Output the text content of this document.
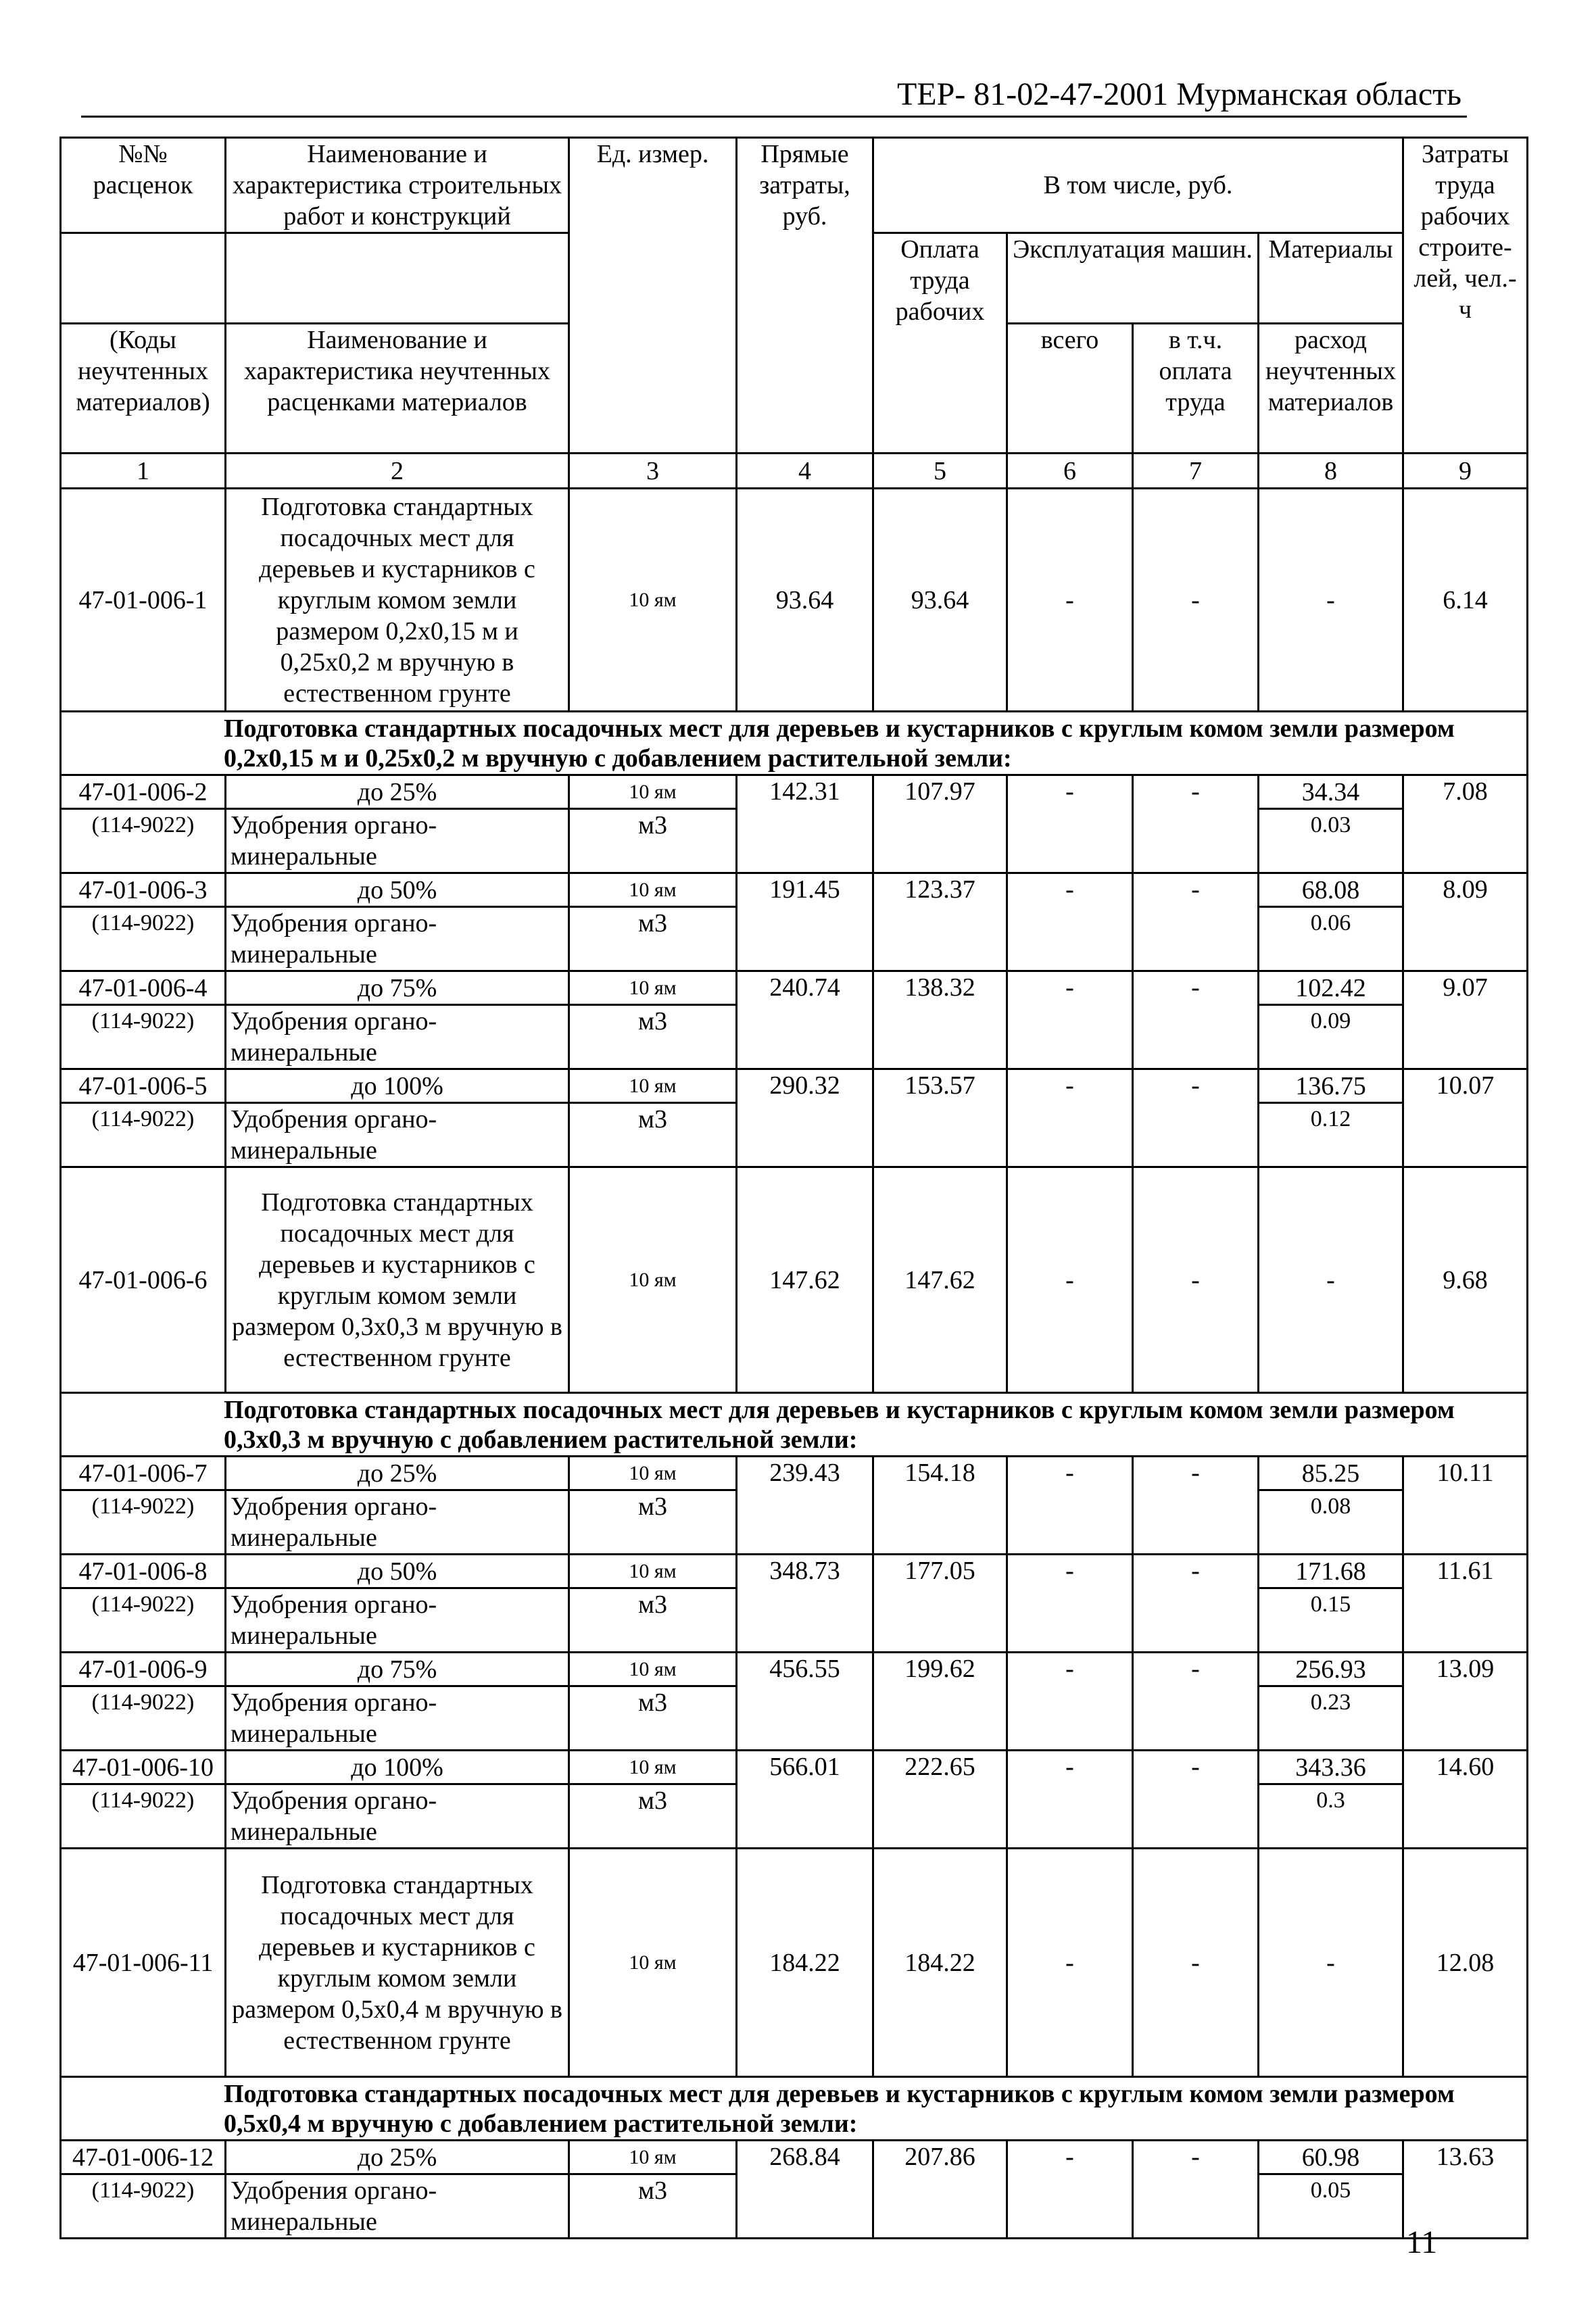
ТЕР- 81-02-47-2001 Мурманская область
№№ расценок	Наименование и характеристика строительных работ и конструкций	Ед. измер.	Прямые затраты, руб.	В том числе, руб.				Затраты труда рабочих строите-лей, чел.-ч
				Оплата труда рабочих	Эксплуатация машин.		Материалы	
(Коды неучтенных материалов)	Наименование и характеристика неучтенных расценками материалов				всего	в т.ч. оплата труда	расход неучтенных материалов	
1	2	3	4	5	6	7	8	9
47-01-006-1	Подготовка стандартных посадочных мест для деревьев и кустарников с круглым комом земли размером 0,2х0,15 м и 0,25х0,2 м вручную в естественном грунте	10 ям	93.64	93.64	-	-	-	6.14
Подготовка стандартных посадочных мест для деревьев и кустарников с круглым комом земли размером 0,2х0,15 м и 0,25х0,2 м вручную с добавлением растительной земли:								
47-01-006-2	до 25%	10 ям	142.31	107.97	-	-	34.34	7.08
(114-9022)	Удобрения органо-минеральные	м3					0.03	
47-01-006-3	до 50%	10 ям	191.45	123.37	-	-	68.08	8.09
(114-9022)	Удобрения органо-минеральные	м3					0.06	
47-01-006-4	до 75%	10 ям	240.74	138.32	-	-	102.42	9.07
(114-9022)	Удобрения органо-минеральные	м3					0.09	
47-01-006-5	до 100%	10 ям	290.32	153.57	-	-	136.75	10.07
(114-9022)	Удобрения органо-минеральные	м3					0.12	
47-01-006-6	Подготовка стандартных посадочных мест для деревьев и кустарников с круглым комом земли размером 0,3х0,3 м вручную в естественном грунте	10 ям	147.62	147.62	-	-	-	9.68
Подготовка стандартных посадочных мест для деревьев и кустарников с круглым комом земли размером 0,3х0,3 м вручную с добавлением растительной земли:								
47-01-006-7	до 25%	10 ям	239.43	154.18	-	-	85.25	10.11
(114-9022)	Удобрения органо-минеральные	м3					0.08	
47-01-006-8	до 50%	10 ям	348.73	177.05	-	-	171.68	11.61
(114-9022)	Удобрения органо-минеральные	м3					0.15	
47-01-006-9	до 75%	10 ям	456.55	199.62	-	-	256.93	13.09
(114-9022)	Удобрения органо-минеральные	м3					0.23	
47-01-006-10	до 100%	10 ям	566.01	222.65	-	-	343.36	14.60
(114-9022)	Удобрения органо-минеральные	м3					0.3	
47-01-006-11	Подготовка стандартных посадочных мест для деревьев и кустарников с круглым комом земли размером 0,5х0,4 м вручную в естественном грунте	10 ям	184.22	184.22	-	-	-	12.08
Подготовка стандартных посадочных мест для деревьев и кустарников с круглым комом земли размером 0,5х0,4 м вручную с добавлением растительной земли:								
47-01-006-12	до 25%	10 ям	268.84	207.86	-	-	60.98	13.63
(114-9022)	Удобрения органо-минеральные	м3					0.05	
11
